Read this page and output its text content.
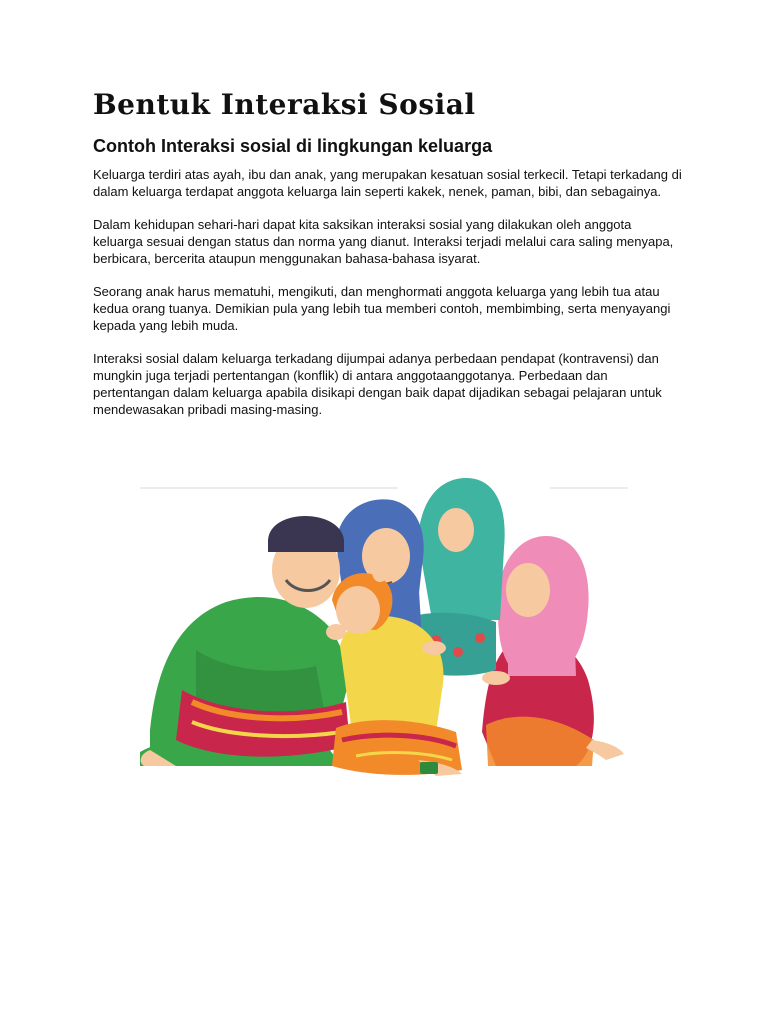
Bentuk Interaksi Sosial
Contoh Interaksi sosial di lingkungan keluarga

Keluarga terdiri atas ayah, ibu dan anak, yang merupakan kesatuan sosial terkecil. Tetapi terkadang di dalam keluarga terdapat anggota keluarga lain seperti kakek, nenek, paman, bibi, dan sebagainya.

Dalam kehidupan sehari-hari dapat kita saksikan interaksi sosial yang dilakukan oleh anggota keluarga sesuai dengan status dan norma yang dianut. Interaksi terjadi melalui cara saling menyapa, berbicara, bercerita ataupun menggunakan bahasa-bahasa isyarat.

Seorang anak harus mematuhi, mengikuti, dan menghormati anggota keluarga yang lebih tua atau kedua orang tuanya. Demikian pula yang lebih tua memberi contoh, membimbing, serta menyayangi kepada yang lebih muda.

Interaksi sosial dalam keluarga terkadang dijumpai adanya perbedaan pendapat (kontravensi) dan mungkin juga terjadi pertentangan (konflik) di antara anggotaanggotanya. Perbedaan dan pertentangan dalam keluarga apabila disikapi dengan baik dapat dijadikan sebagai pelajaran untuk mendewasakan pribadi masing-masing.
